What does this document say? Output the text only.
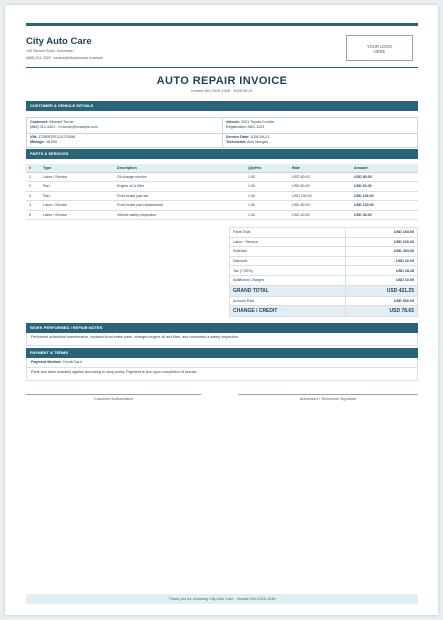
City Auto Care
149 Service Road, Downtown
(888) 014-7820 · service@cityautocare.example
YOUR LOGO
HERE
AUTO REPAIR INVOICE
Invoice INV-2026-1048 · 2026-09-21
CUSTOMER & VEHICLE DETAILS
Customer: Michael Turner
(888) 012-4421 · m.turner@example.com
Vehicle: 2021 Toyota Corolla
Registration: ABC-1021
VIN: JTDBR32E210723456
Mileage: 48,000
Service Date: 2026-09-21
Technician: Alex Morgan
PARTS & SERVICES
#	Type	Description	Qty/Hrs	Rate	Amount
1	Labor / Service	Oil change service	1.00	USD 80.00	USD 80.00
2	Part	Engine oil & filter	1.00	USD 60.00	USD 60.00
3	Part	Front brake pad set	1.00	USD 136.00	USD 136.00
4	Labor / Service	Front brake pad replacement	1.00	USD 80.00	USD 120.00
5	Labor / Service	Vehicle safety inspection	1.00	USD 40.00	USD 40.00
Parts Total	USD 193.00
Labor / Service	USD 220.00
Subtotal	USD 403.00
Discount	- USD 20.00
Tax (7.00%)	USD 28.28
Additional Charges	USD 10.00
GRAND TOTAL	USD 421.25
Amount Paid	USD 500.00
CHANGE / CREDIT	USD 78.65
WORK PERFORMED / REPAIR NOTES
Performed scheduled maintenance, replaced front brake pads, changed engine oil and filter, and completed a safety inspection.
PAYMENT & TERMS
Payment Method: Credit Card
Parts and labor warranty applies according to shop policy. Payment is due upon completion of service.
Customer Authorization	Authorized / Technician Signature
Thank you for choosing City Auto Care · Invoice INV-2026-1048
